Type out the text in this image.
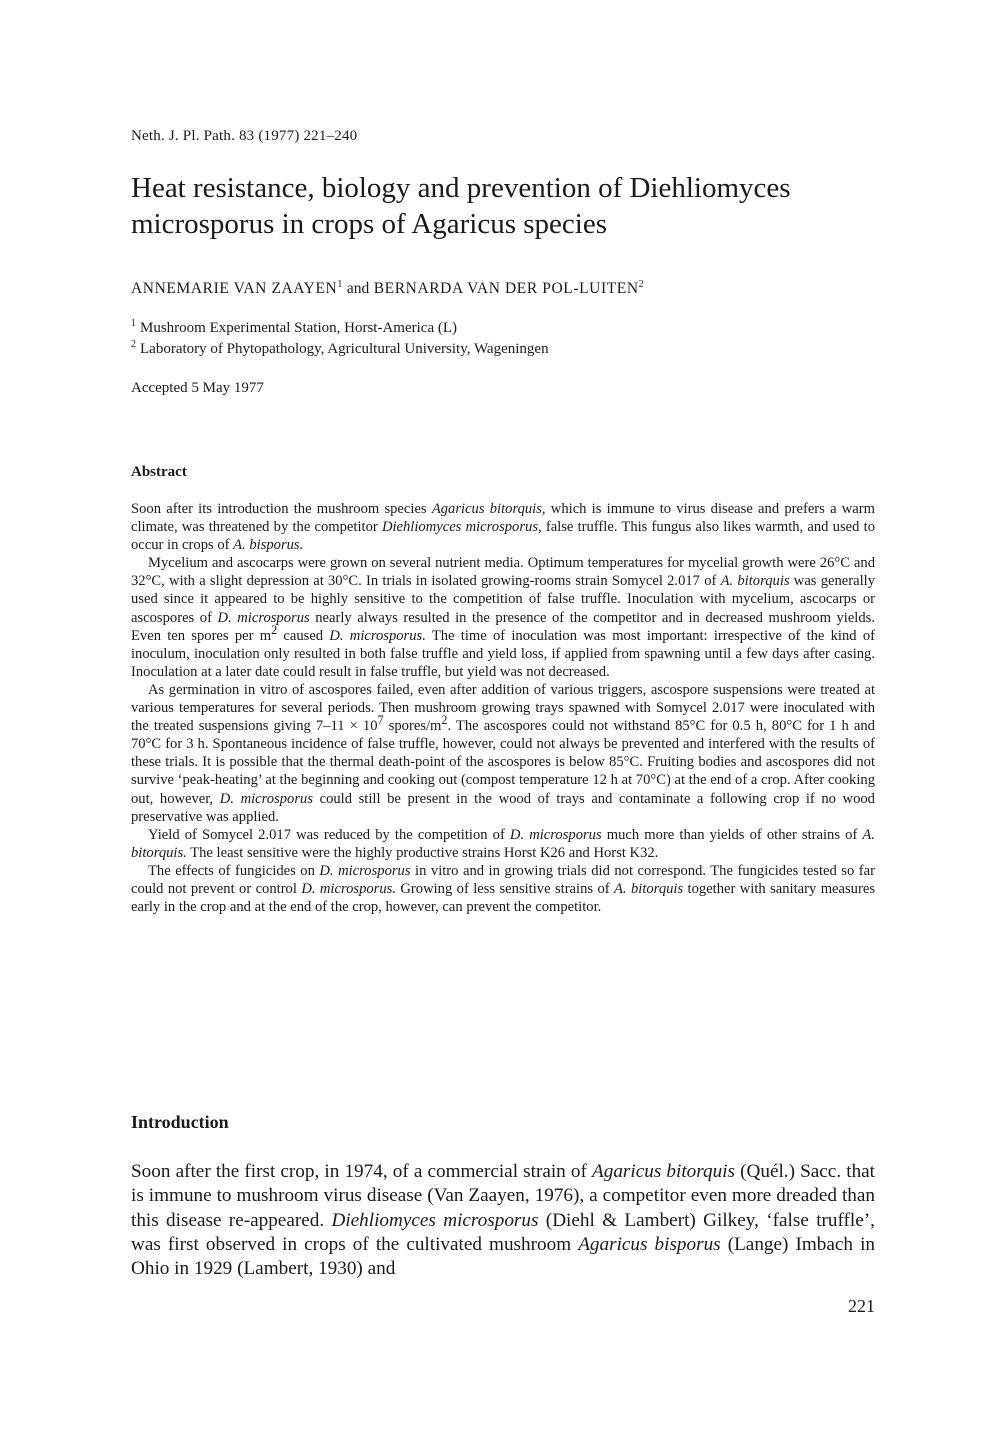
Neth. J. Pl. Path. 83 (1977) 221–240
Heat resistance, biology and prevention of Diehliomyces microsporus in crops of Agaricus species
ANNEMARIE VAN ZAAYEN$^1$ and BERNARDA VAN DER POL-LUITEN$^2$
$^1$ Mushroom Experimental Station, Horst-America (L)
$^2$ Laboratory of Phytopathology, Agricultural University, Wageningen
Accepted 5 May 1977
Abstract

Soon after its introduction the mushroom species Agaricus bitorquis, which is immune to virus disease and prefers a warm climate, was threatened by the competitor Diehliomyces microsporus, false truffle. This fungus also likes warmth, and used to occur in crops of A. bisporus.

Mycelium and ascocarps were grown on several nutrient media. Optimum temperatures for mycelial growth were 26°C and 32°C, with a slight depression at 30°C. In trials in isolated growing-rooms strain Somycel 2.017 of A. bitorquis was generally used since it appeared to be highly sensitive to the competition of false truffle. Inoculation with mycelium, ascocarps or ascospores of D. microsporus nearly always resulted in the presence of the competitor and in decreased mushroom yields. Even ten spores per $m^2$ caused D. microsporus. The time of inoculation was most important: irrespective of the kind of inoculum, inoculation only resulted in both false truffle and yield loss, if applied from spawning until a few days after casing. Inoculation at a later date could result in false truffle, but yield was not decreased.

As germination in vitro of ascospores failed, even after addition of various triggers, ascospore suspensions were treated at various temperatures for several periods. Then mushroom growing trays spawned with Somycel 2.017 were inoculated with the treated suspensions giving $7-11 \times 10^7$ spores/$m^2$. The ascospores could not withstand 85°C for 0.5 h, 80°C for 1 h and 70°C for 3 h. Spontaneous incidence of false truffle, however, could not always be prevented and interfered with the results of these trials. It is possible that the thermal death-point of the ascospores is below 85°C. Fruiting bodies and ascospores did not survive ‘peak-heating’ at the beginning and cooking out (compost temperature 12 h at 70°C) at the end of a crop. After cooking out, however, D. microsporus could still be present in the wood of trays and contaminate a following crop if no wood preservative was applied.

Yield of Somycel 2.017 was reduced by the competition of D. microsporus much more than yields of other strains of A. bitorquis. The least sensitive were the highly productive strains Horst K26 and Horst K32.

The effects of fungicides on D. microsporus in vitro and in growing trials did not correspond. The fungicides tested so far could not prevent or control D. microsporus. Growing of less sensitive strains of A. bitorquis together with sanitary measures early in the crop and at the end of the crop, however, can prevent the competitor.

Introduction

Soon after the first crop, in 1974, of a commercial strain of Agaricus bitorquis (Quél.) Sacc. that is immune to mushroom virus disease (Van Zaayen, 1976), a competitor even more dreaded than this disease re-appeared. Diehliomyces microsporus (Diehl & Lambert) Gilkey, ‘false truffle’, was first observed in crops of the cultivated mushroom Agaricus bisporus (Lange) Imbach in Ohio in 1929 (Lambert, 1930) and

221
